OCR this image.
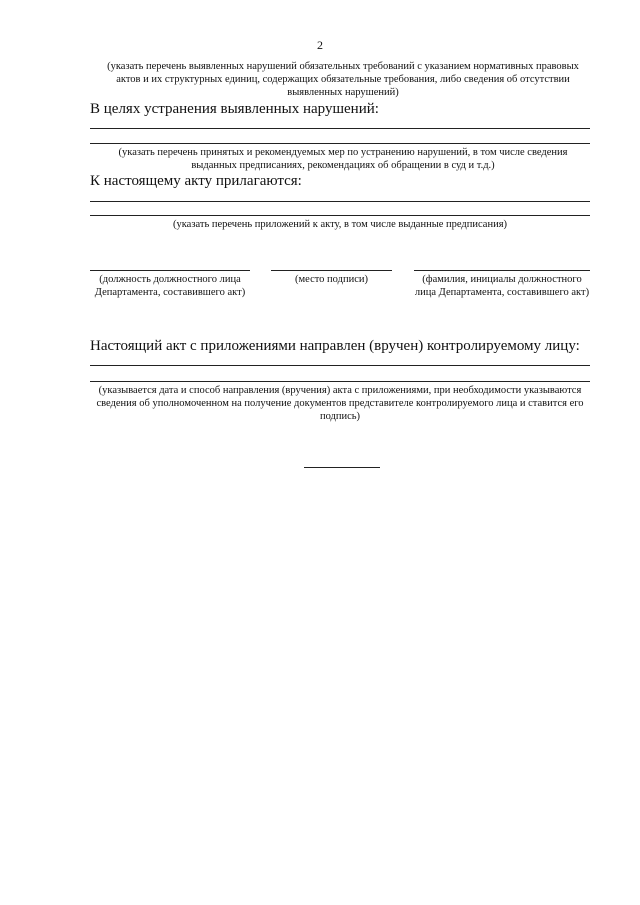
2
(указать перечень выявленных нарушений обязательных требований с указанием нормативных правовых актов и их структурных единиц, содержащих обязательные требования, либо сведения об отсутствии выявленных нарушений)
В целях устранения выявленных нарушений:
(указать перечень принятых и рекомендуемых мер по устранению нарушений, в том числе сведения выданных предписаниях, рекомендациях об обращении в суд и т.д.)
К настоящему акту прилагаются:
(указать перечень приложений к акту, в том числе выданные предписания)
(должность должностного лица Департамента, составившего акт)
(место подписи)	(фамилия, инициалы должностного лица Департамента, составившего акт)
Настоящий акт с приложениями направлен (вручен) контролируемому лицу:
(указывается дата и способ направления (вручения) акта с приложениями, при необходимости указываются сведения об уполномоченном на получение документов представителе контролируемого лица и ставится его подпись)
